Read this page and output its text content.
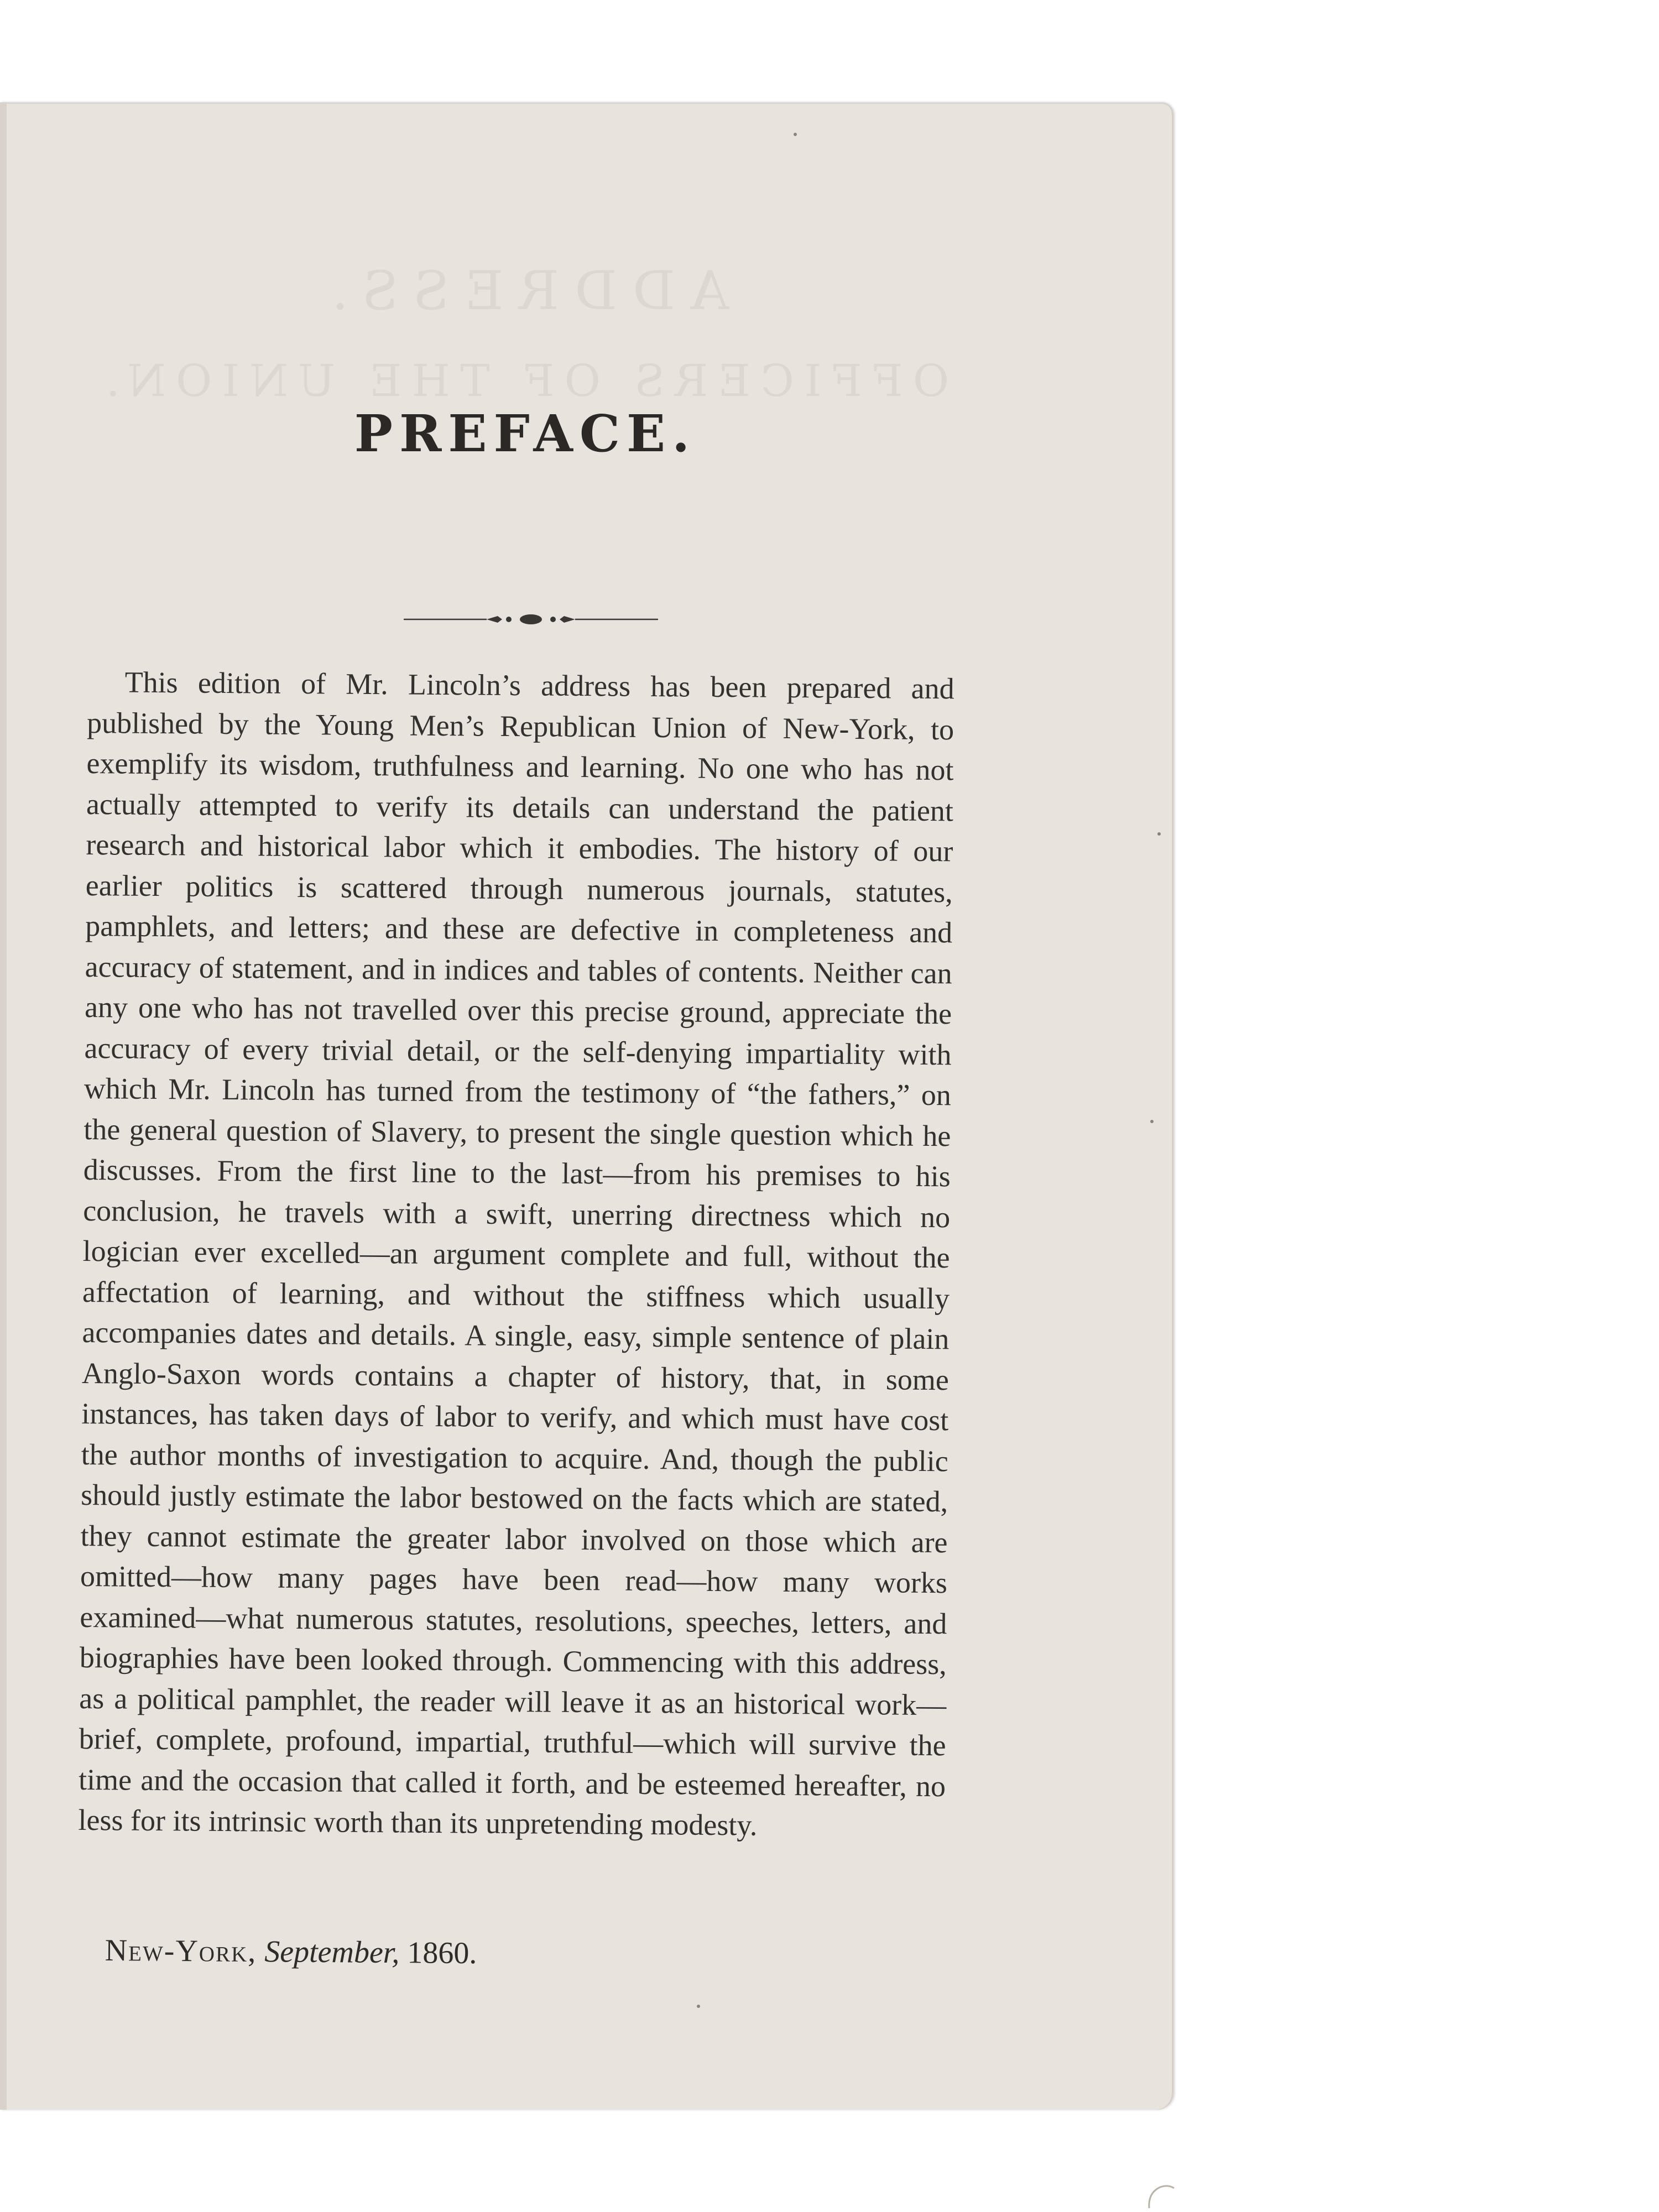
ADDRESS.
OFFICERS OF THE UNION.
PREFACE.

This edition of Mr. Lincoln’s address has been prepared and published by the Young Men’s Republican Union of New-York, to exemplify its wisdom, truthfulness and learning. No one who has not actually attempted to verify its details can understand the patient research and historical labor which it embodies. The history of our earlier politics is scattered through numerous journals, statutes, pamphlets, and letters; and these are defective in completeness and accuracy of statement, and in indices and tables of contents. Neither can any one who has not travelled over this precise ground, appreciate the accuracy of every trivial detail, or the self-denying impartiality with which Mr. Lincoln has turned from the testimony of “the fathers,” on the general question of Slavery, to present the single question which he discusses. From the first line to the last—from his premises to his conclusion, he travels with a swift, unerring directness which no logician ever excelled—an argument complete and full, without the affectation of learning, and without the stiffness which usually accompanies dates and details. A single, easy, simple sentence of plain Anglo-Saxon words contains a chapter of history, that, in some instances, has taken days of labor to verify, and which must have cost the author months of investigation to acquire. And, though the public should justly estimate the labor bestowed on the facts which are stated, they cannot estimate the greater labor involved on those which are omitted—how many pages have been read—how many works examined—what numerous statutes, resolutions, speeches, letters, and biographies have been looked through. Commencing with this address, as a political pamphlet, the reader will leave it as an historical work—brief, complete, profound, impartial, truthful—which will survive the time and the occasion that called it forth, and be esteemed hereafter, no less for its intrinsic worth than its unpretending modesty.

New-York, September, 1860.
